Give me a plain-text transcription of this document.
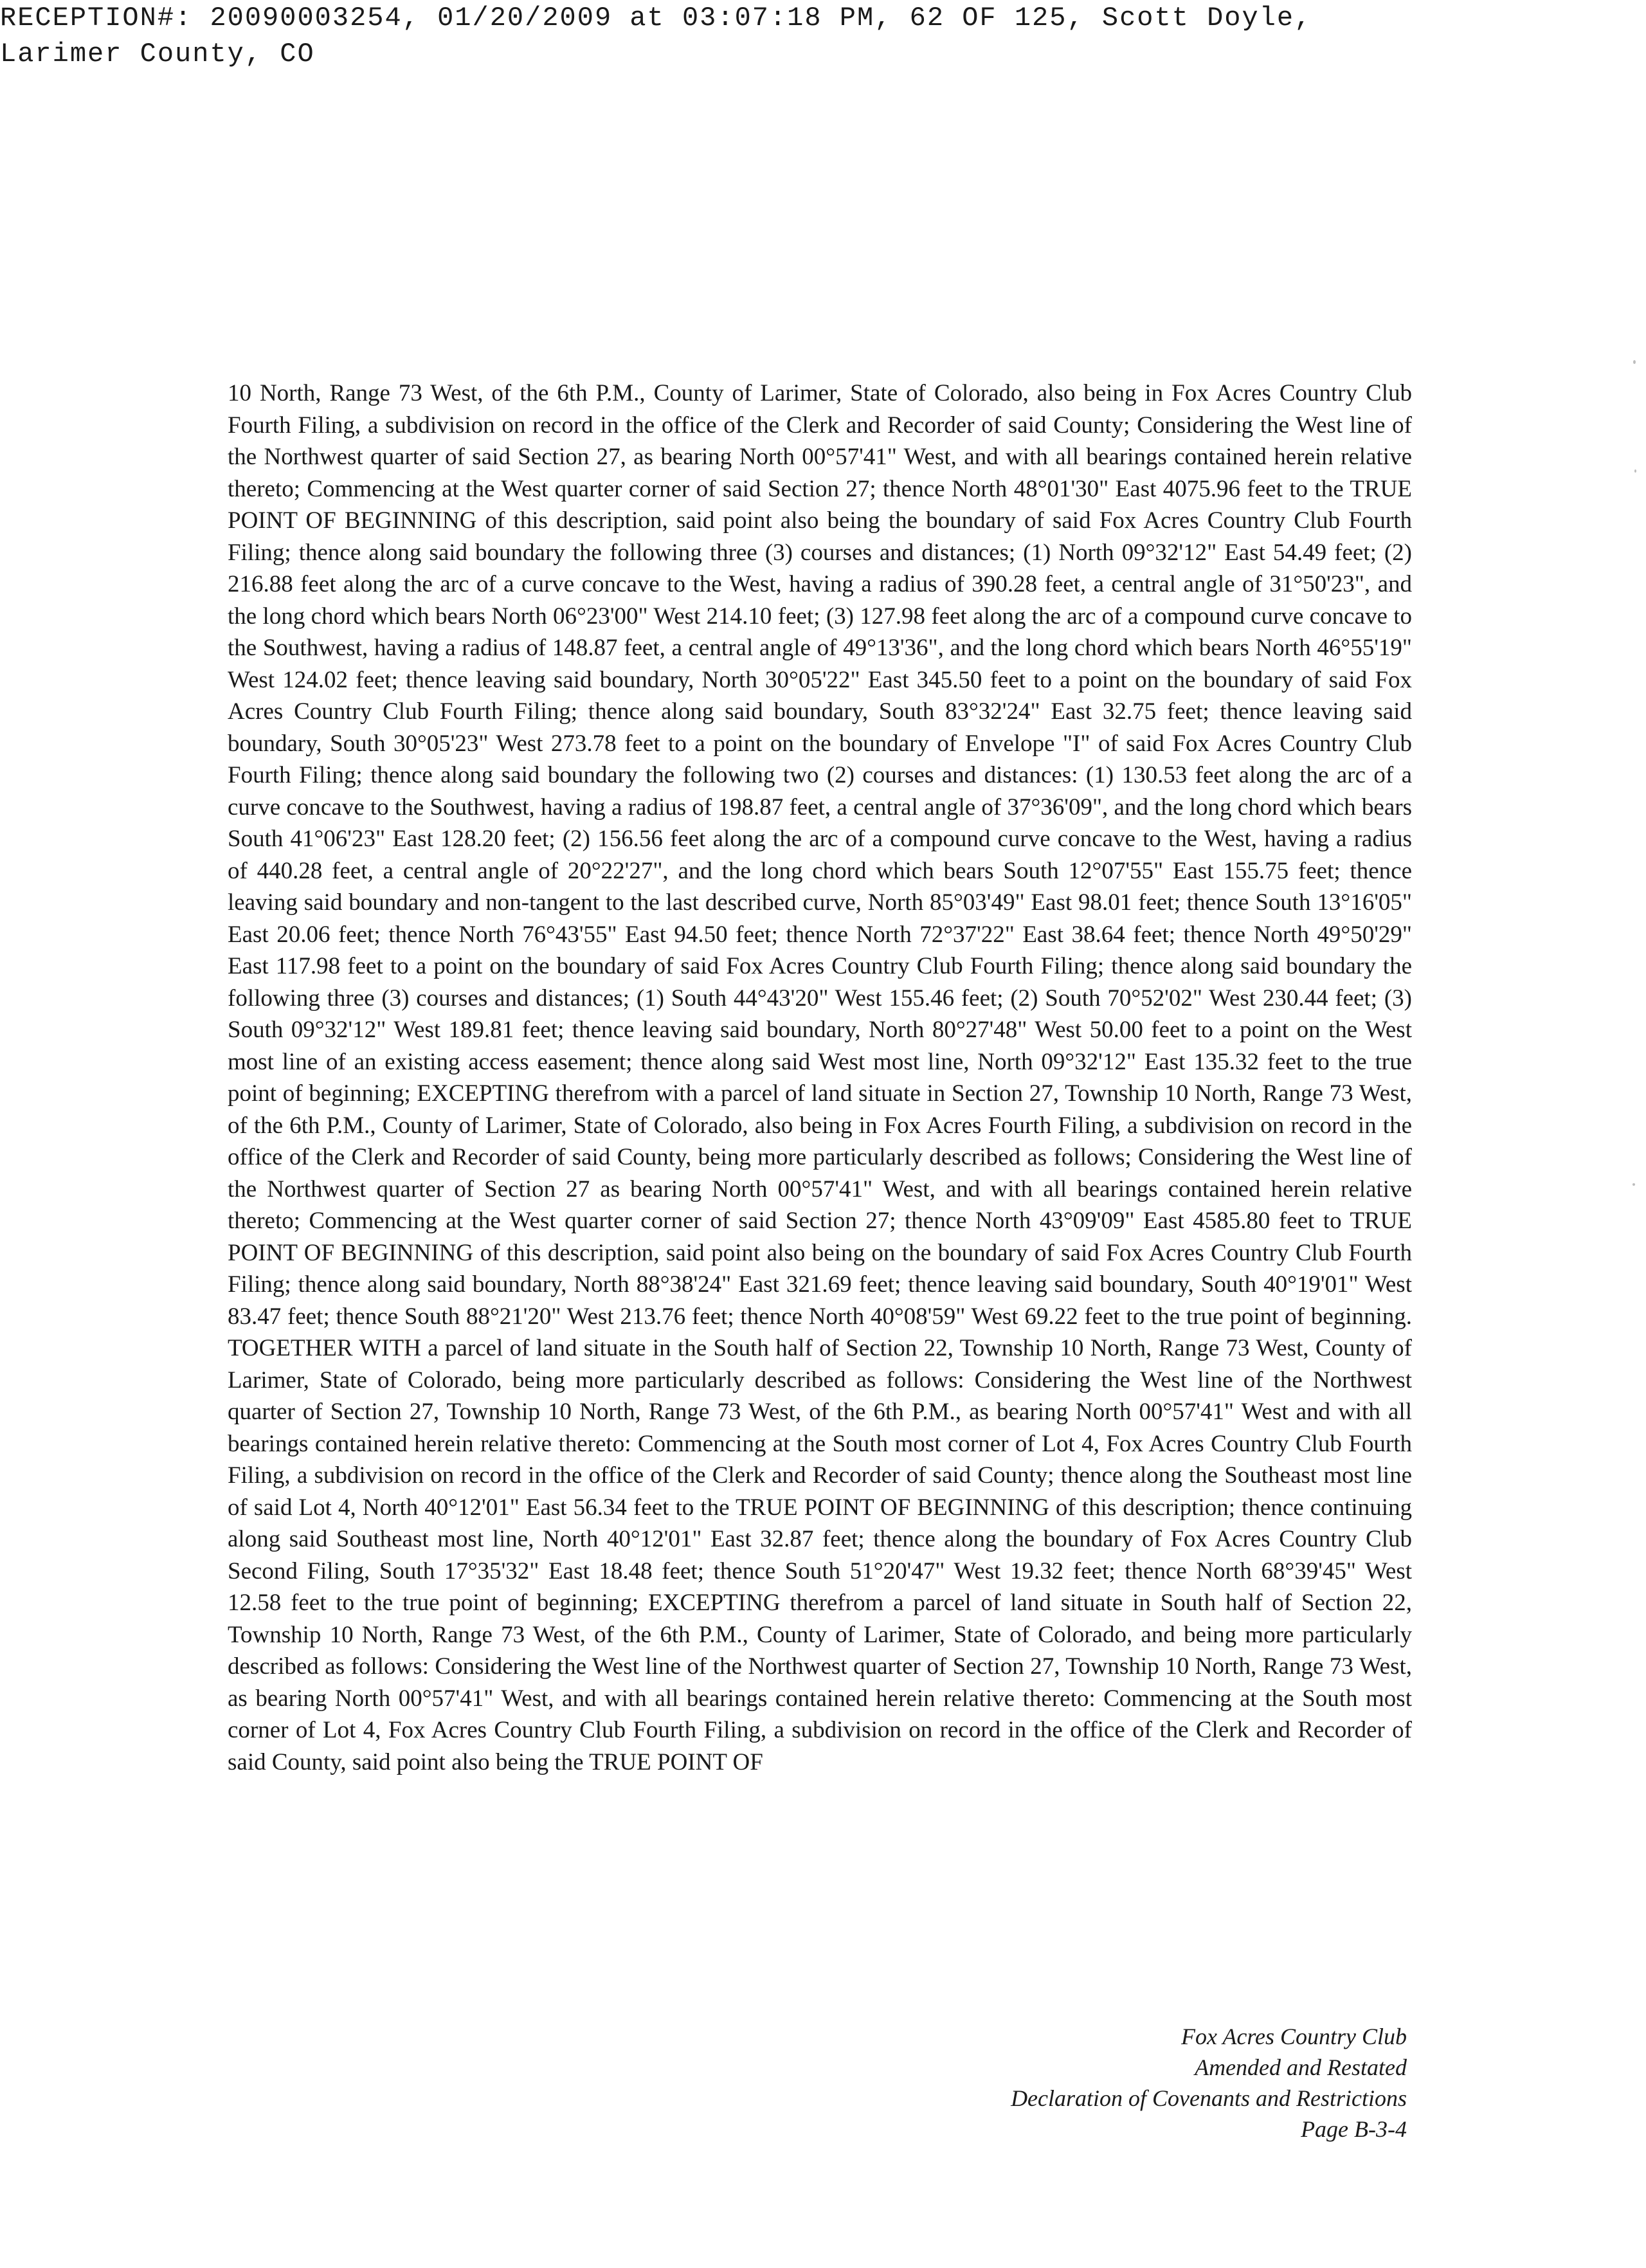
RECEPTION#: 20090003254, 01/20/2009 at 03:07:18 PM, 62 OF 125, Scott Doyle,
Larimer County, CO

10 North, Range 73 West, of the 6th P.M., County of Larimer, State of Colorado, also being in Fox Acres Country Club Fourth Filing, a subdivision on record in the office of the Clerk and Recorder of said County; Considering the West line of the Northwest quarter of said Section 27, as bearing North 00°57'41" West, and with all bearings contained herein relative thereto; Commencing at the West quarter corner of said Section 27; thence North 48°01'30" East 4075.96 feet to the TRUE POINT OF BEGINNING of this description, said point also being the boundary of said Fox Acres Country Club Fourth Filing; thence along said boundary the following three (3) courses and distances; (1) North 09°32'12" East 54.49 feet; (2) 216.88 feet along the arc of a curve concave to the West, having a radius of 390.28 feet, a central angle of 31°50'23", and the long chord which bears North 06°23'00" West 214.10 feet; (3) 127.98 feet along the arc of a compound curve concave to the Southwest, having a radius of 148.87 feet, a central angle of 49°13'36", and the long chord which bears North 46°55'19" West 124.02 feet; thence leaving said boundary, North 30°05'22" East 345.50 feet to a point on the boundary of said Fox Acres Country Club Fourth Filing; thence along said boundary, South 83°32'24" East 32.75 feet; thence leaving said boundary, South 30°05'23" West 273.78 feet to a point on the boundary of Envelope "I" of said Fox Acres Country Club Fourth Filing; thence along said boundary the following two (2) courses and distances: (1) 130.53 feet along the arc of a curve concave to the Southwest, having a radius of 198.87 feet, a central angle of 37°36'09", and the long chord which bears South 41°06'23" East 128.20 feet; (2) 156.56 feet along the arc of a compound curve concave to the West, having a radius of 440.28 feet, a central angle of 20°22'27", and the long chord which bears South 12°07'55" East 155.75 feet; thence leaving said boundary and non-tangent to the last described curve, North 85°03'49" East 98.01 feet; thence South 13°16'05" East 20.06 feet; thence North 76°43'55" East 94.50 feet; thence North 72°37'22" East 38.64 feet; thence North 49°50'29" East 117.98 feet to a point on the boundary of said Fox Acres Country Club Fourth Filing; thence along said boundary the following three (3) courses and distances; (1) South 44°43'20" West 155.46 feet; (2) South 70°52'02" West 230.44 feet; (3) South 09°32'12" West 189.81 feet; thence leaving said boundary, North 80°27'48" West 50.00 feet to a point on the West most line of an existing access easement; thence along said West most line, North 09°32'12" East 135.32 feet to the true point of beginning; EXCEPTING therefrom with a parcel of land situate in Section 27, Township 10 North, Range 73 West, of the 6th P.M., County of Larimer, State of Colorado, also being in Fox Acres Fourth Filing, a subdivision on record in the office of the Clerk and Recorder of said County, being more particularly described as follows; Considering the West line of the Northwest quarter of Section 27 as bearing North 00°57'41" West, and with all bearings contained herein relative thereto; Commencing at the West quarter corner of said Section 27; thence North 43°09'09" East 4585.80 feet to TRUE POINT OF BEGINNING of this description, said point also being on the boundary of said Fox Acres Country Club Fourth Filing; thence along said boundary, North 88°38'24" East 321.69 feet; thence leaving said boundary, South 40°19'01" West 83.47 feet; thence South 88°21'20" West 213.76 feet; thence North 40°08'59" West 69.22 feet to the true point of beginning. TOGETHER WITH a parcel of land situate in the South half of Section 22, Township 10 North, Range 73 West, County of Larimer, State of Colorado, being more particularly described as follows: Considering the West line of the Northwest quarter of Section 27, Township 10 North, Range 73 West, of the 6th P.M., as bearing North 00°57'41" West and with all bearings contained herein relative thereto: Commencing at the South most corner of Lot 4, Fox Acres Country Club Fourth Filing, a subdivision on record in the office of the Clerk and Recorder of said County; thence along the Southeast most line of said Lot 4, North 40°12'01" East 56.34 feet to the TRUE POINT OF BEGINNING of this description; thence continuing along said Southeast most line, North 40°12'01" East 32.87 feet; thence along the boundary of Fox Acres Country Club Second Filing, South 17°35'32" East 18.48 feet; thence South 51°20'47" West 19.32 feet; thence North 68°39'45" West 12.58 feet to the true point of beginning; EXCEPTING therefrom a parcel of land situate in South half of Section 22, Township 10 North, Range 73 West, of the 6th P.M., County of Larimer, State of Colorado, and being more particularly described as follows: Considering the West line of the Northwest quarter of Section 27, Township 10 North, Range 73 West, as bearing North 00°57'41" West, and with all bearings contained herein relative thereto: Commencing at the South most corner of Lot 4, Fox Acres Country Club Fourth Filing, a subdivision on record in the office of the Clerk and Recorder of said County, said point also being the TRUE POINT OF

Fox Acres Country Club
Amended and Restated
Declaration of Covenants and Restrictions
Page B-3-4
